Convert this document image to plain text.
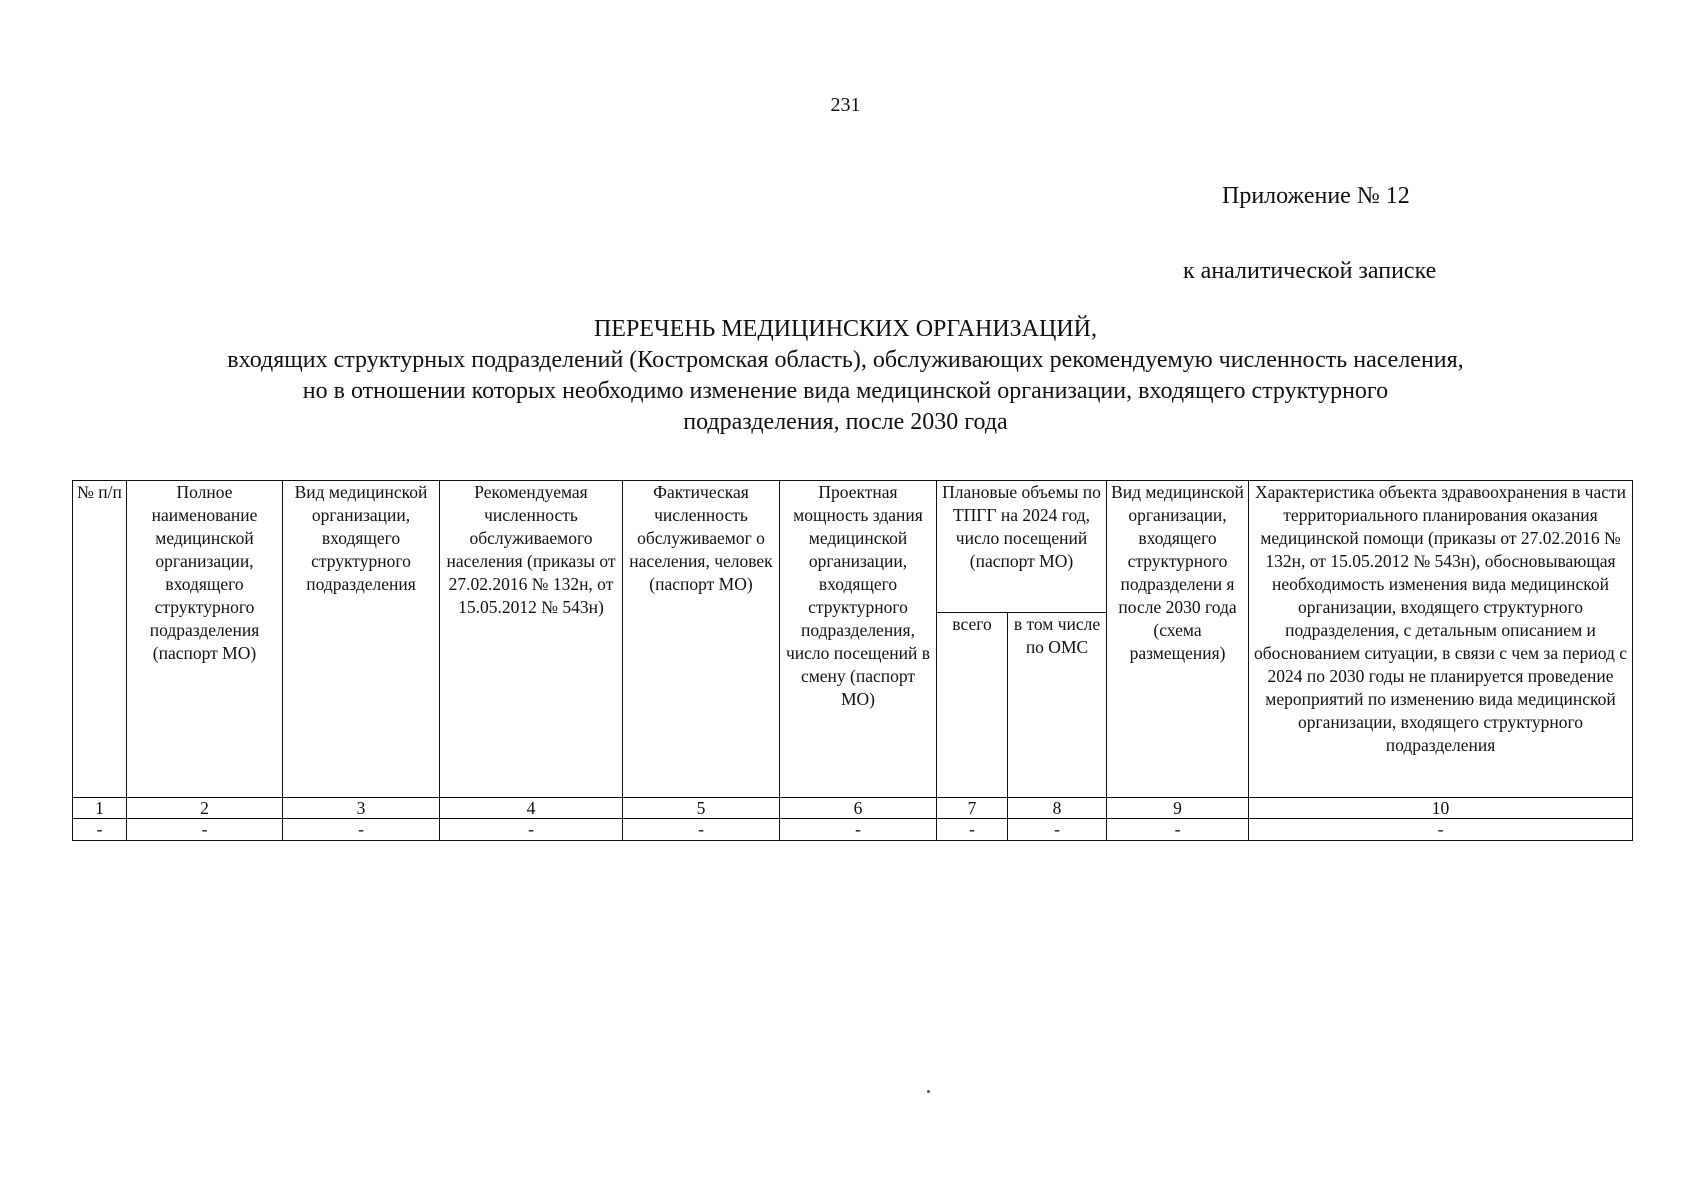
231
Приложение № 12
к аналитической записке
ПЕРЕЧЕНЬ МЕДИЦИНСКИХ ОРГАНИЗАЦИЙ,
входящих структурных подразделений (Костромская область), обслуживающих рекомендуемую численность населения,
но в отношении которых необходимо изменение вида медицинской организации, входящего структурного
подразделения, после 2030 года
№ п/п	Полное наименование медицинской организации, входящего структурного подразделения (паспорт МО)	Вид медицинской организации, входящего структурного подразделения	Рекомендуемая численность обслуживаемого населения (приказы от 27.02.2016 № 132н, от 15.05.2012 № 543н)	Фактическая численность обслуживаемог о населения, человек (паспорт МО)	Проектная мощность здания медицинской организации, входящего структурного подразделения, число посещений в смену (паспорт МО)	Плановые объемы по ТПГГ на 2024 год, число посещений (паспорт МО)		Вид медицинской организации, входящего структурного подразделени я после 2030 года (схема размещения)	Характеристика объекта здравоохранения в части территориального планирования оказания медицинской помощи (приказы от 27.02.2016 № 132н, от 15.05.2012 № 543н), обосновывающая необходимость изменения вида медицинской организации, входящего структурного подразделения, с детальным описанием и обоснованием ситуации, в связи с чем за период с 2024 по 2030 годы не планируется проведение мероприятий по изменению вида медицинской организации, входящего структурного подразделения
						всего	в том числе по ОМС		
1	2	3	4	5	6	7	8	9	10
-	-	-	-	-	-	-	-	-	-
